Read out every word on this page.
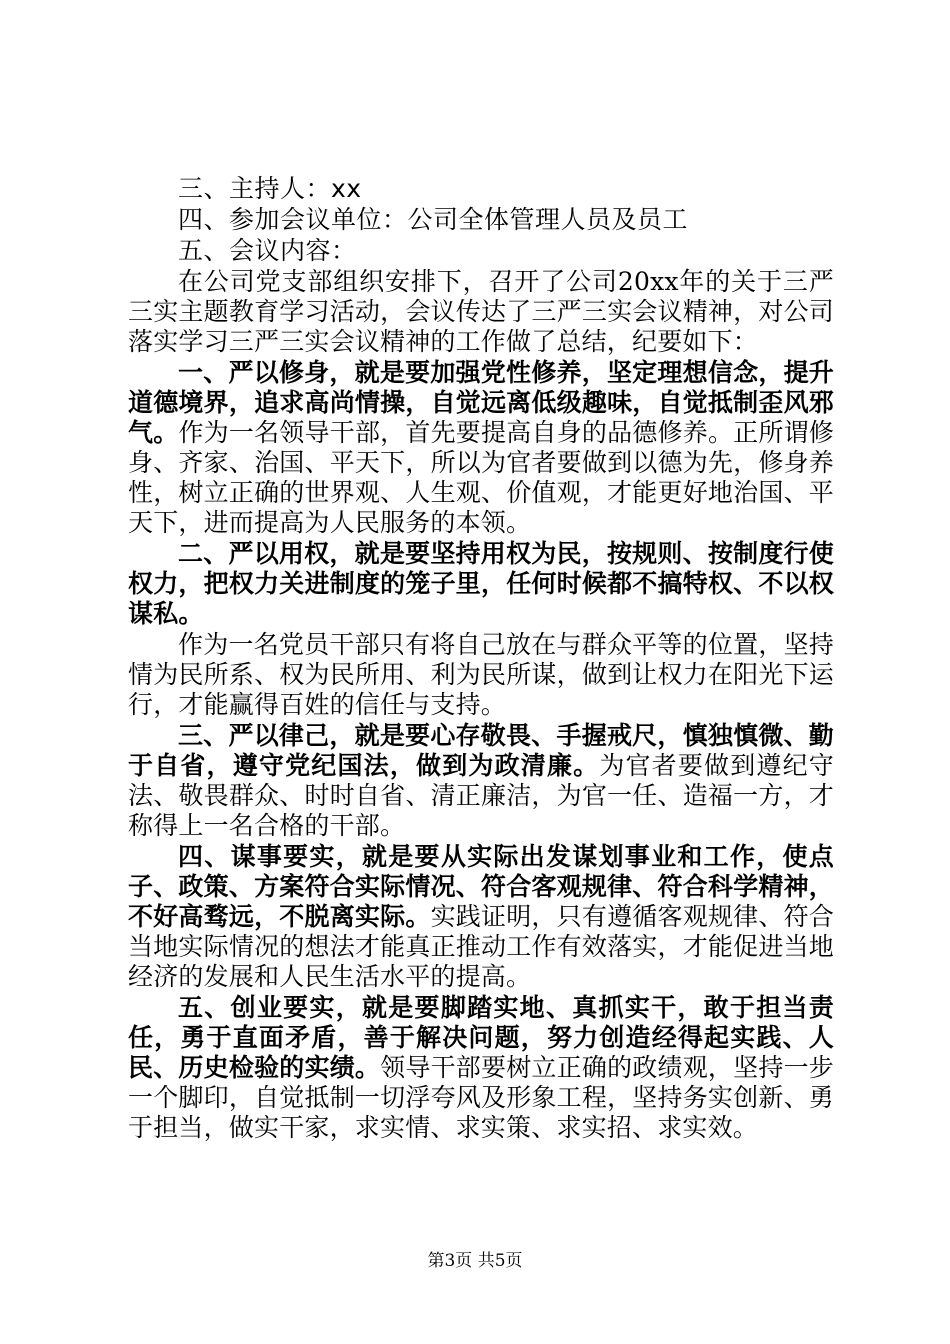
三、主持人：xx
四、参加会议单位：公司全体管理人员及员工
五、会议内容：
在公司党支部组织安排下，召开了公司20xx年的关于三严三实主题教育学习活动，会议传达了三严三实会议精神，对公司落实学习三严三实会议精神的工作做了总结，纪要如下：
一、严以修身，就是要加强党性修养，坚定理想信念，提升道德境界，追求高尚情操，自觉远离低级趣味，自觉抵制歪风邪气。作为一名领导干部，首先要提高自身的品德修养。正所谓修身、齐家、治国、平天下，所以为官者要做到以德为先，修身养性，树立正确的世界观、人生观、价值观，才能更好地治国、平天下，进而提高为人民服务的本领。
二、严以用权，就是要坚持用权为民，按规则、按制度行使权力，把权力关进制度的笼子里，任何时候都不搞特权、不以权谋私。
作为一名党员干部只有将自己放在与群众平等的位置，坚持情为民所系、权为民所用、利为民所谋，做到让权力在阳光下运行，才能赢得百姓的信任与支持。
三、严以律己，就是要心存敬畏、手握戒尺，慎独慎微、勤于自省，遵守党纪国法，做到为政清廉。为官者要做到遵纪守法、敬畏群众、时时自省、清正廉洁，为官一任、造福一方，才称得上一名合格的干部。
四、谋事要实，就是要从实际出发谋划事业和工作，使点子、政策、方案符合实际情况、符合客观规律、符合科学精神，不好高骛远，不脱离实际。实践证明，只有遵循客观规律、符合当地实际情况的想法才能真正推动工作有效落实，才能促进当地经济的发展和人民生活水平的提高。
五、创业要实，就是要脚踏实地、真抓实干，敢于担当责任，勇于直面矛盾，善于解决问题，努力创造经得起实践、人民、历史检验的实绩。领导干部要树立正确的政绩观，坚持一步一个脚印，自觉抵制一切浮夸风及形象工程，坚持务实创新、勇于担当，做实干家，求实情、求实策、求实招、求实效。
第3页 共5页
